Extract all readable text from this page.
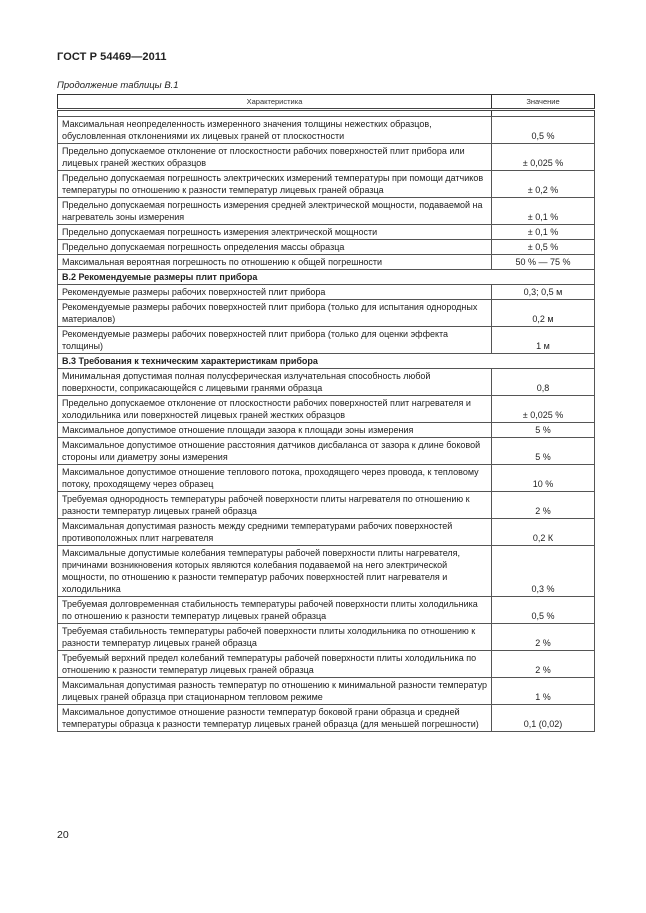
ГОСТ Р 54469—2011
Продолжение таблицы В.1
Характеристика	Значение

Максимальная неопределенность измеренного значения толщины нежестких образцов, обусловленная отклонениями их лицевых граней от плоскостности	0,5 %
Предельно допускаемое отклонение от плоскостности рабочих поверхностей плит прибора или лицевых граней жестких образцов	± 0,025 %
Предельно допускаемая погрешность электрических измерений температуры при помощи датчиков температуры по отношению к разности температур лицевых граней образца	± 0,2 %
Предельно допускаемая погрешность измерения средней электрической мощности, подаваемой на нагреватель зоны измерения	± 0,1 %
Предельно допускаемая погрешность измерения электрической мощности	± 0,1 %
Предельно допускаемая погрешность определения массы образца	± 0,5 %
Максимальная вероятная погрешность по отношению к общей погрешности	50 % — 75 %
В.2 Рекомендуемые размеры плит прибора	
Рекомендуемые размеры рабочих поверхностей плит прибора	0,3; 0,5 м
Рекомендуемые размеры рабочих поверхностей плит прибора (только для испытания однородных материалов)	0,2 м
Рекомендуемые размеры рабочих поверхностей плит прибора (только для оценки эффекта толщины)	1 м
В.3 Требования к техническим характеристикам прибора	
Минимальная допустимая полная полусферическая излучательная способность любой поверхности, соприкасающейся с лицевыми гранями образца	0,8
Предельно допускаемое отклонение от плоскостности рабочих поверхностей плит нагревателя и холодильника или поверхностей лицевых граней жестких образцов	± 0,025 %
Максимальное допустимое отношение площади зазора к площади зоны измерения	5 %
Максимальное допустимое отношение расстояния датчиков дисбаланса от зазора к длине боковой стороны или диаметру зоны измерения	5 %
Максимальное допустимое отношение теплового потока, проходящего через провода, к тепловому потоку, проходящему через образец	10 %
Требуемая однородность температуры рабочей поверхности плиты нагревателя по отношению к разности температур лицевых граней образца	2 %
Максимальная допустимая разность между средними температурами рабочих поверхностей противоположных плит нагревателя	0,2 К
Максимальные допустимые колебания температуры рабочей поверхности плиты нагревателя, причинами возникновения которых являются колебания подаваемой на него электрической мощности, по отношению к разности температур рабочих поверхностей плит нагревателя и холодильника	0,3 %
Требуемая долговременная стабильность температуры рабочей поверхности плиты холодильника по отношению к разности температур лицевых граней образца	0,5 %
Требуемая стабильность температуры рабочей поверхности плиты холодильника по отношению к разности температур лицевых граней образца	2 %
Требуемый верхний предел колебаний температуры рабочей поверхности плиты холодильника по отношению к разности температур лицевых граней образца	2 %
Максимальная допустимая разность температур по отношению к минимальной разности температур лицевых граней образца при стационарном тепловом режиме	1 %
Максимальное допустимое отношение разности температур боковой грани образца и средней температуры образца к разности температур лицевых граней образца (для меньшей погрешности)	0,1 (0,02)
20
